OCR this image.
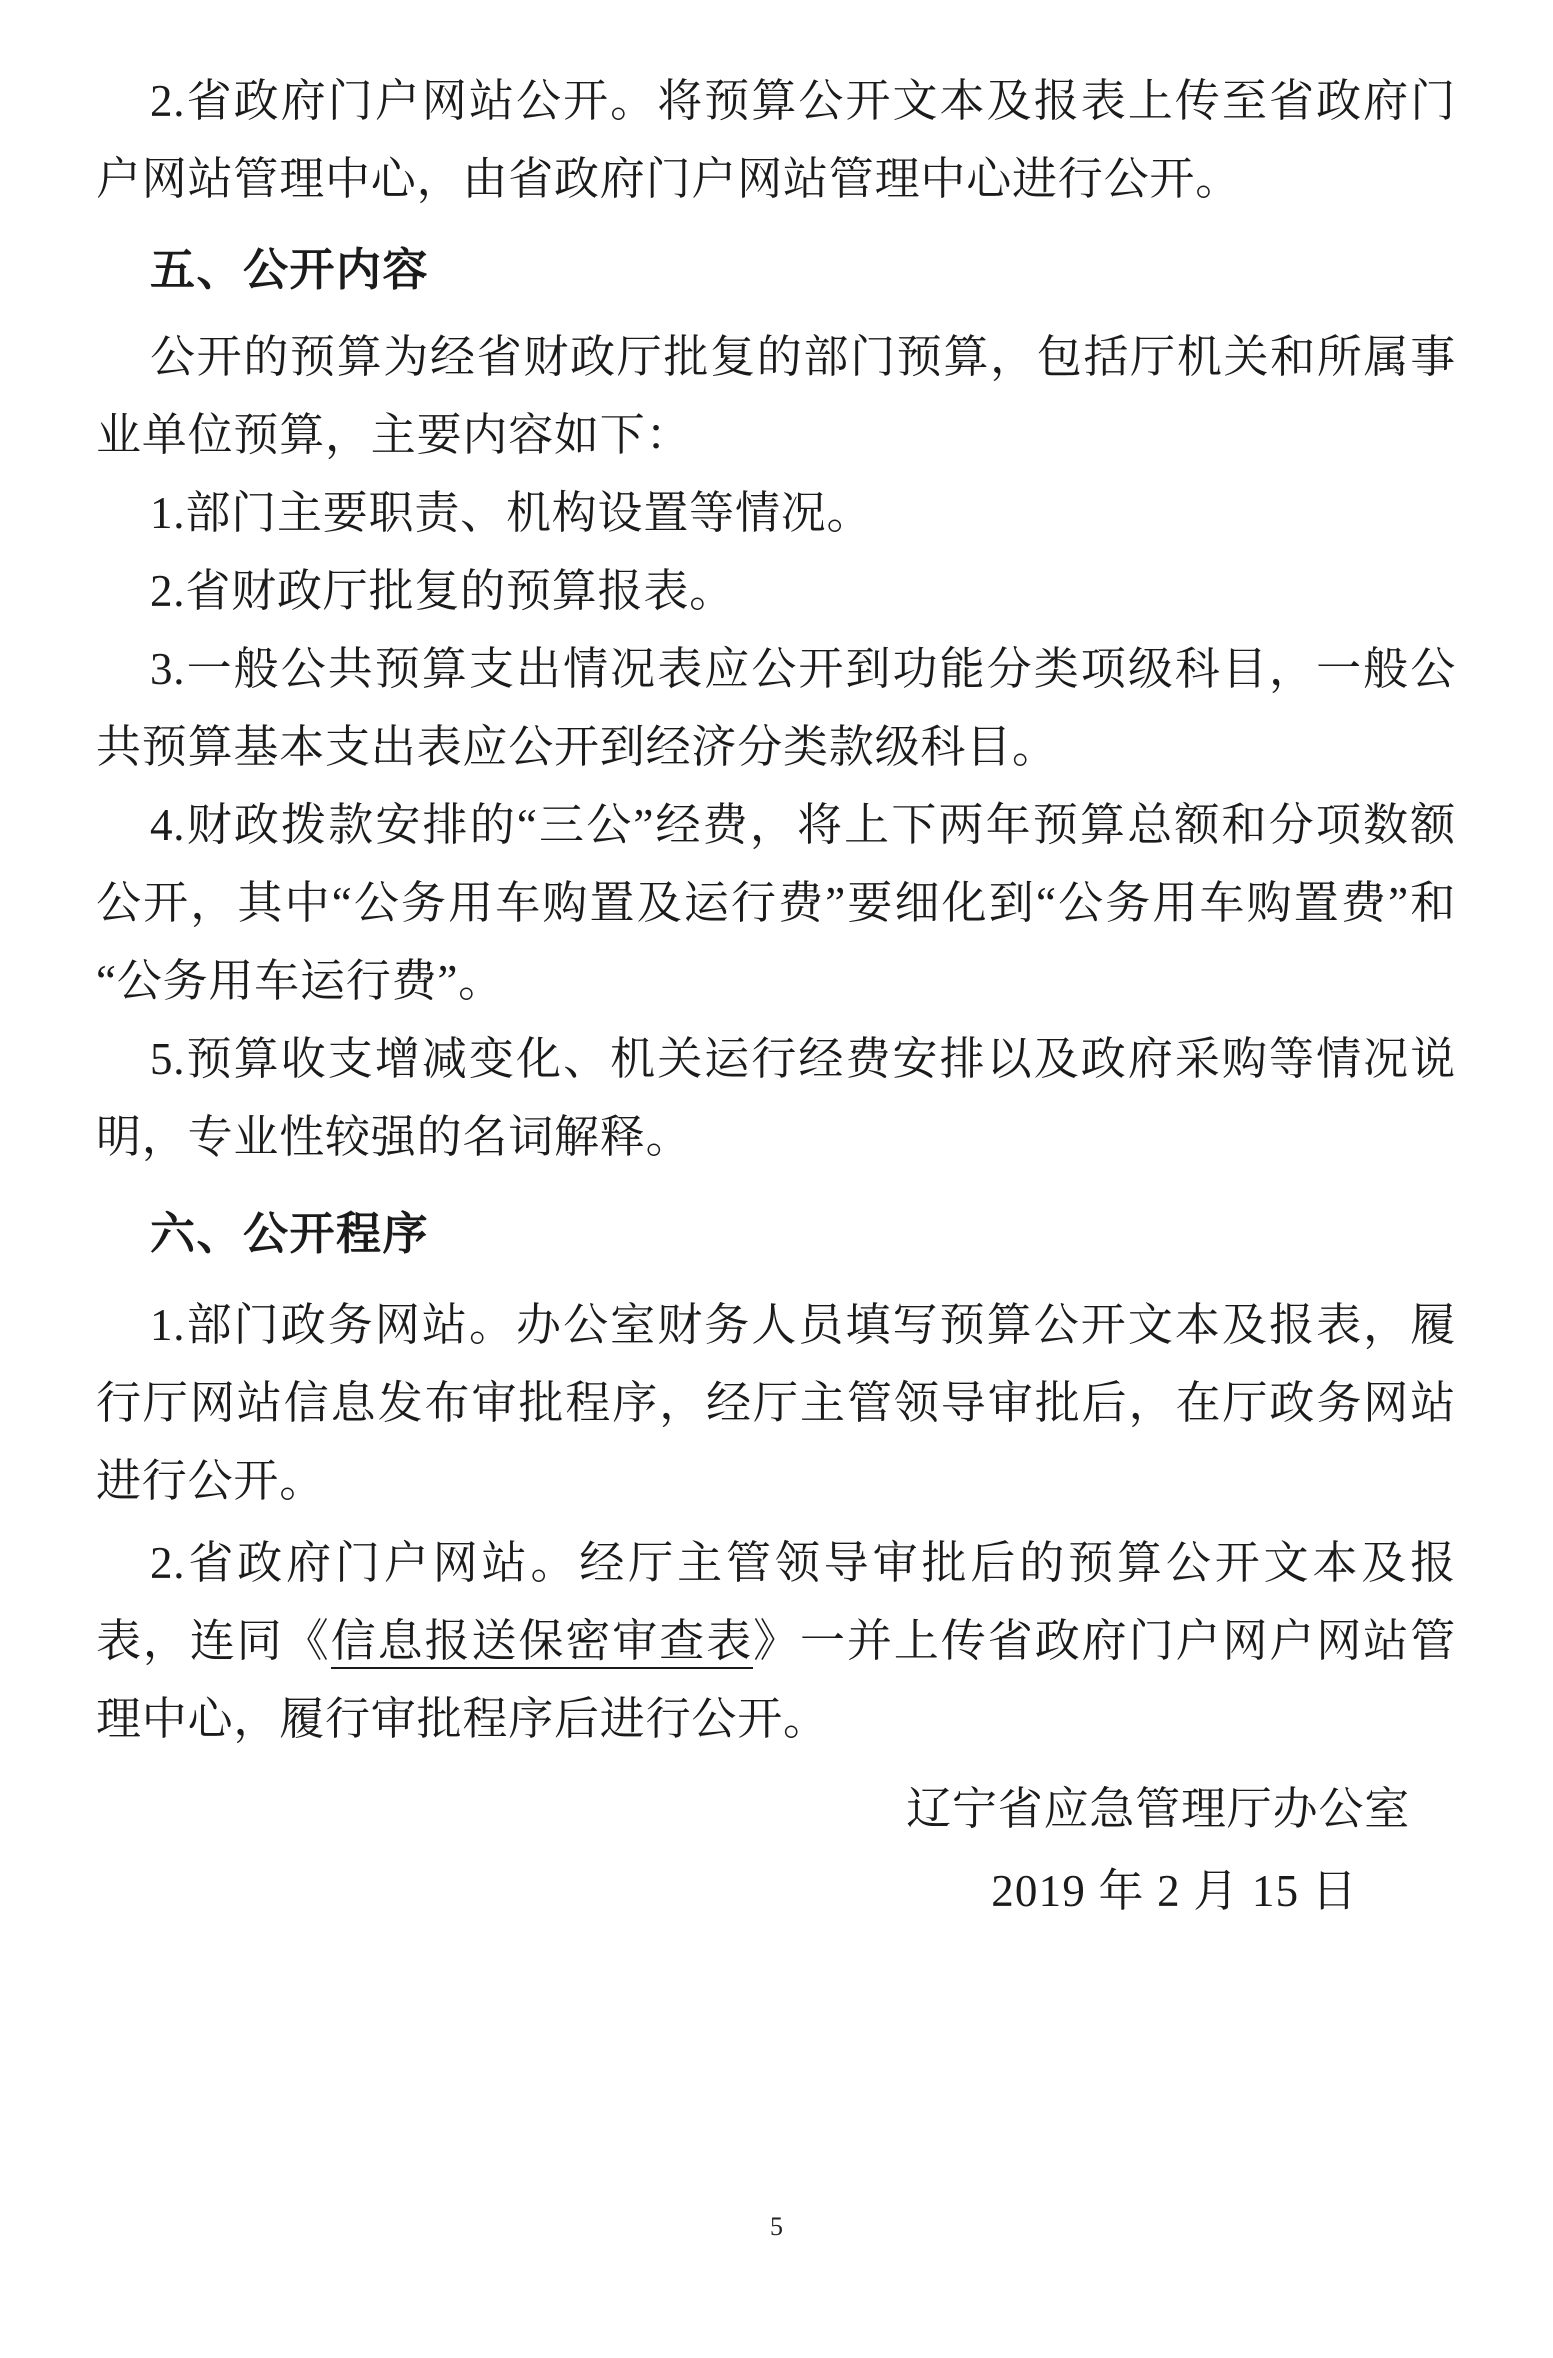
2.省政府门户网站公开。将预算公开文本及报表上传至省政府门户网站管理中心，由省政府门户网站管理中心进行公开。

五、公开内容

公开的预算为经省财政厅批复的部门预算，包括厅机关和所属事业单位预算，主要内容如下：

1.部门主要职责、机构设置等情况。

2.省财政厅批复的预算报表。

3.一般公共预算支出情况表应公开到功能分类项级科目，一般公共预算基本支出表应公开到经济分类款级科目。

4.财政拨款安排的“三公”经费，将上下两年预算总额和分项数额公开，其中“公务用车购置及运行费”要细化到“公务用车购置费”和“公务用车运行费”。

5.预算收支增减变化、机关运行经费安排以及政府采购等情况说明，专业性较强的名词解释。

六、公开程序

1.部门政务网站。办公室财务人员填写预算公开文本及报表，履行厅网站信息发布审批程序，经厅主管领导审批后，在厅政务网站进行公开。

2.省政府门户网站。经厅主管领导审批后的预算公开文本及报表，连同《信息报送保密审查表》一并上传省政府门户网户网站管理中心，履行审批程序后进行公开。

辽宁省应急管理厅办公室

2019 年 2 月 15 日

5
